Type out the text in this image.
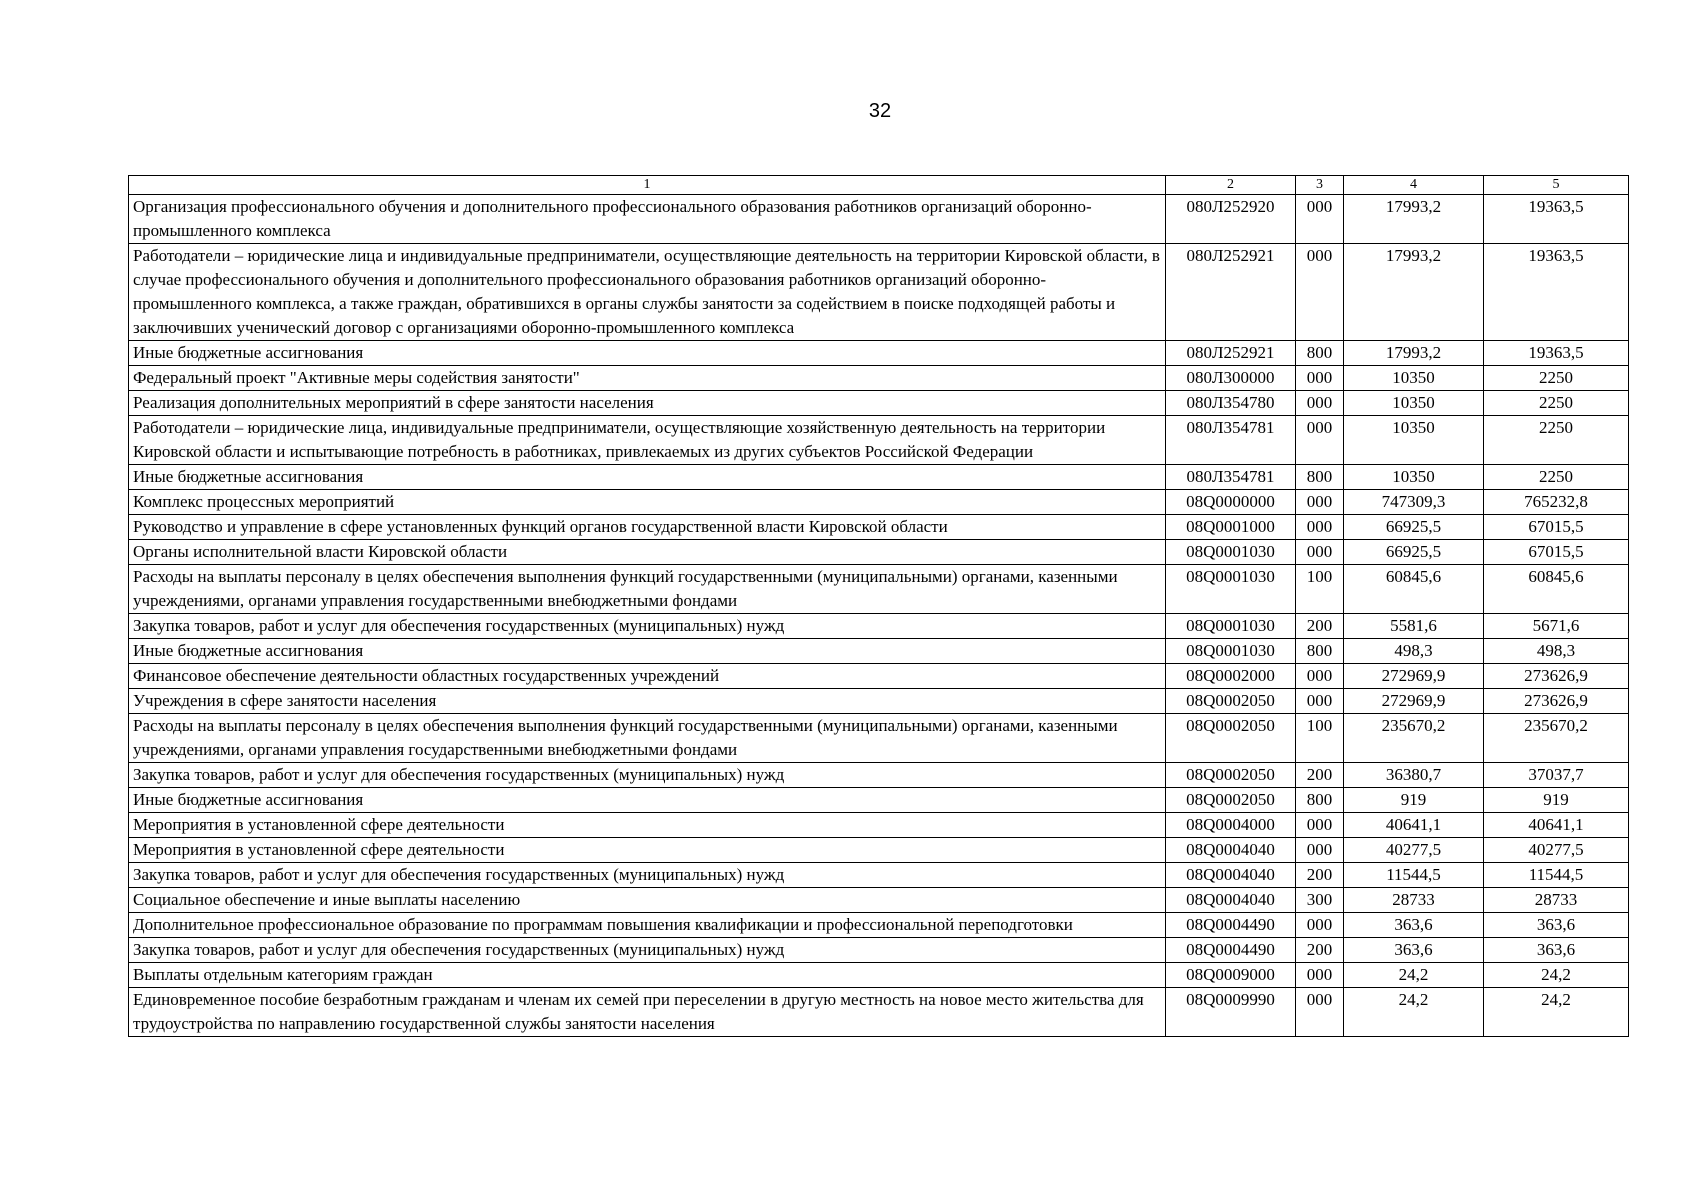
32
1	2	3	4	5
Организация профессионального обучения и дополнительного профессионального образования работников организаций оборонно-промышленного комплекса	080Л252920	000	17993,2	19363,5
Работодатели – юридические лица и индивидуальные предприниматели, осуществляющие деятельность на территории Кировской области, в случае профессионального обучения и дополнительного профессионального образования работников организаций оборонно-промышленного комплекса, а также граждан, обратившихся в органы службы занятости за содействием в поиске подходящей работы и заключивших ученический договор с организациями оборонно-промышленного комплекса	080Л252921	000	17993,2	19363,5
Иные бюджетные ассигнования	080Л252921	800	17993,2	19363,5
Федеральный проект "Активные меры содействия занятости"	080Л300000	000	10350	2250
Реализация дополнительных мероприятий в сфере занятости населения	080Л354780	000	10350	2250
Работодатели – юридические лица, индивидуальные предприниматели, осуществляющие хозяйственную деятельность на территории Кировской области и испытывающие потребность в работниках, привлекаемых из других субъектов Российской Федерации	080Л354781	000	10350	2250
Иные бюджетные ассигнования	080Л354781	800	10350	2250
Комплекс процессных мероприятий	08Q0000000	000	747309,3	765232,8
Руководство и управление в сфере установленных функций органов государственной власти Кировской области	08Q0001000	000	66925,5	67015,5
Органы исполнительной власти Кировской области	08Q0001030	000	66925,5	67015,5
Расходы на выплаты персоналу в целях обеспечения выполнения функций государственными (муниципальными) органами, казенными учреждениями, органами управления государственными внебюджетными фондами	08Q0001030	100	60845,6	60845,6
Закупка товаров, работ и услуг для обеспечения государственных (муниципальных) нужд	08Q0001030	200	5581,6	5671,6
Иные бюджетные ассигнования	08Q0001030	800	498,3	498,3
Финансовое обеспечение деятельности областных государственных учреждений	08Q0002000	000	272969,9	273626,9
Учреждения в сфере занятости населения	08Q0002050	000	272969,9	273626,9
Расходы на выплаты персоналу в целях обеспечения выполнения функций государственными (муниципальными) органами, казенными учреждениями, органами управления государственными внебюджетными фондами	08Q0002050	100	235670,2	235670,2
Закупка товаров, работ и услуг для обеспечения государственных (муниципальных) нужд	08Q0002050	200	36380,7	37037,7
Иные бюджетные ассигнования	08Q0002050	800	919	919
Мероприятия в установленной сфере деятельности	08Q0004000	000	40641,1	40641,1
Мероприятия в установленной сфере деятельности	08Q0004040	000	40277,5	40277,5
Закупка товаров, работ и услуг для обеспечения государственных (муниципальных) нужд	08Q0004040	200	11544,5	11544,5
Социальное обеспечение и иные выплаты населению	08Q0004040	300	28733	28733
Дополнительное профессиональное образование по программам повышения квалификации и профессиональной переподготовки	08Q0004490	000	363,6	363,6
Закупка товаров, работ и услуг для обеспечения государственных (муниципальных) нужд	08Q0004490	200	363,6	363,6
Выплаты отдельным категориям граждан	08Q0009000	000	24,2	24,2
Единовременное пособие безработным гражданам и членам их семей при переселении в другую местность на новое место жительства для трудоустройства по направлению государственной службы занятости населения	08Q0009990	000	24,2	24,2
